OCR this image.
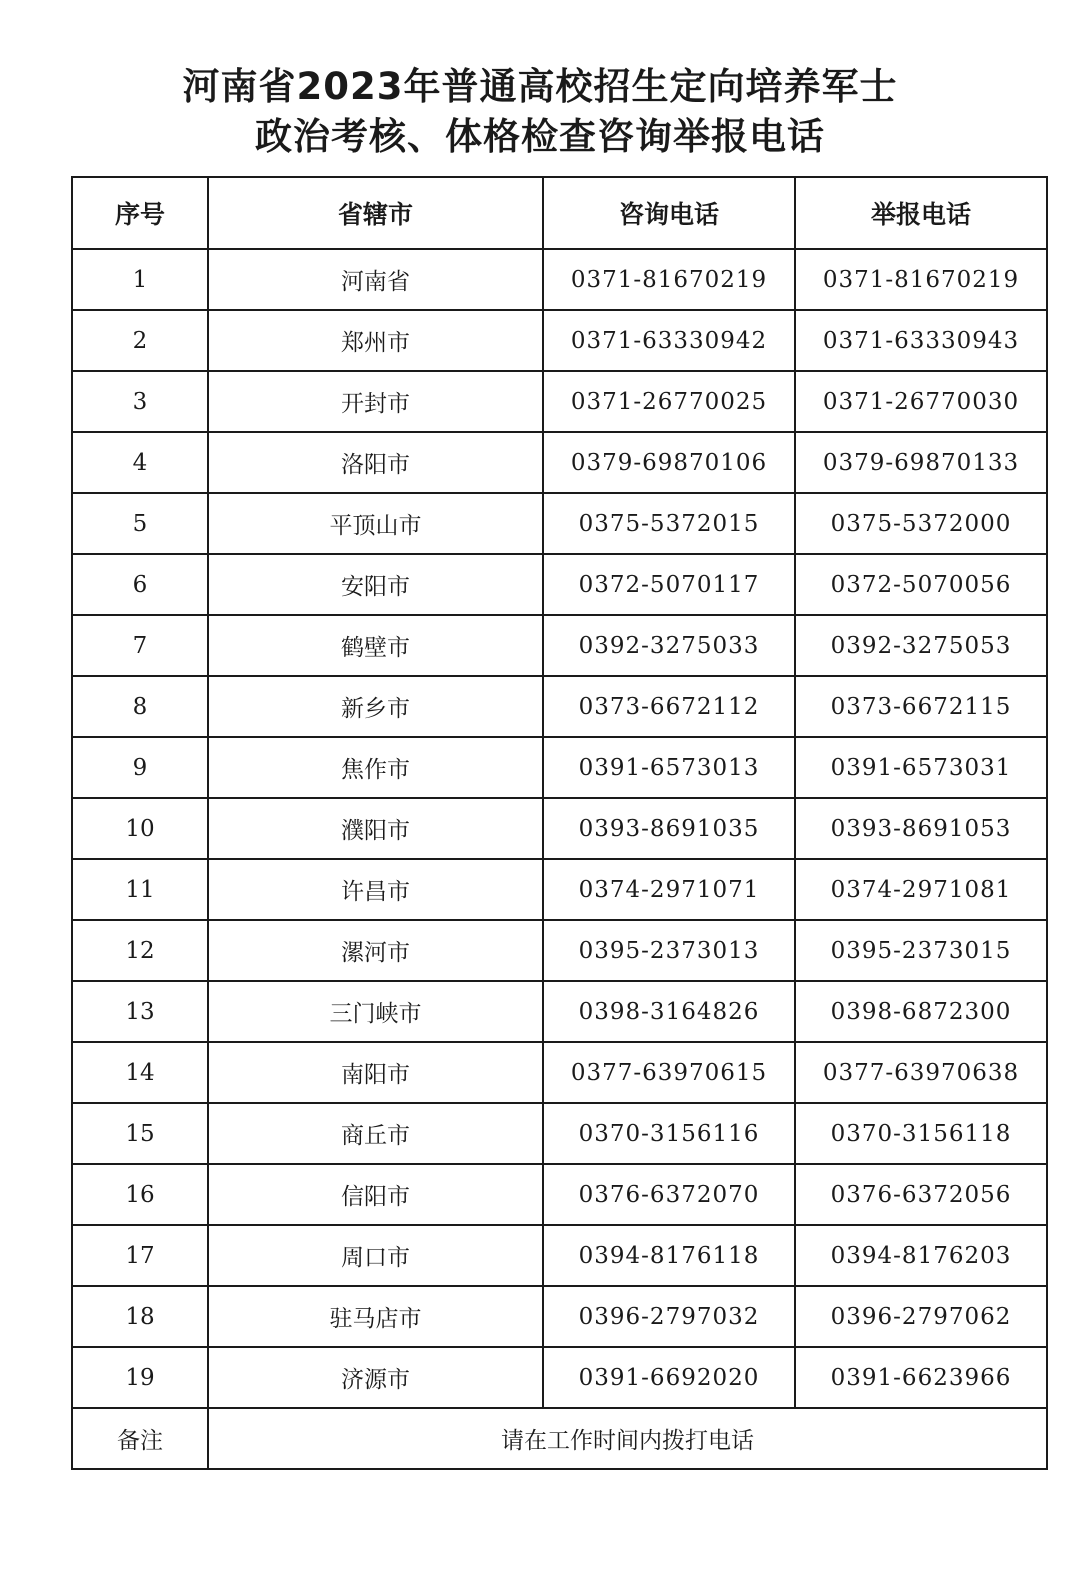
河南省2023年普通高校招生定向培养军士
政治考核、体格检查咨询举报电话
序号	省辖市	咨询电话	举报电话
1	河南省	0371-81670219	0371-81670219
2	郑州市	0371-63330942	0371-63330943
3	开封市	0371-26770025	0371-26770030
4	洛阳市	0379-69870106	0379-69870133
5	平顶山市	0375-5372015	0375-5372000
6	安阳市	0372-5070117	0372-5070056
7	鹤壁市	0392-3275033	0392-3275053
8	新乡市	0373-6672112	0373-6672115
9	焦作市	0391-6573013	0391-6573031
10	濮阳市	0393-8691035	0393-8691053
11	许昌市	0374-2971071	0374-2971081
12	漯河市	0395-2373013	0395-2373015
13	三门峡市	0398-3164826	0398-6872300
14	南阳市	0377-63970615	0377-63970638
15	商丘市	0370-3156116	0370-3156118
16	信阳市	0376-6372070	0376-6372056
17	周口市	0394-8176118	0394-8176203
18	驻马店市	0396-2797032	0396-2797062
19	济源市	0391-6692020	0391-6623966
备注	请在工作时间内拨打电话		
